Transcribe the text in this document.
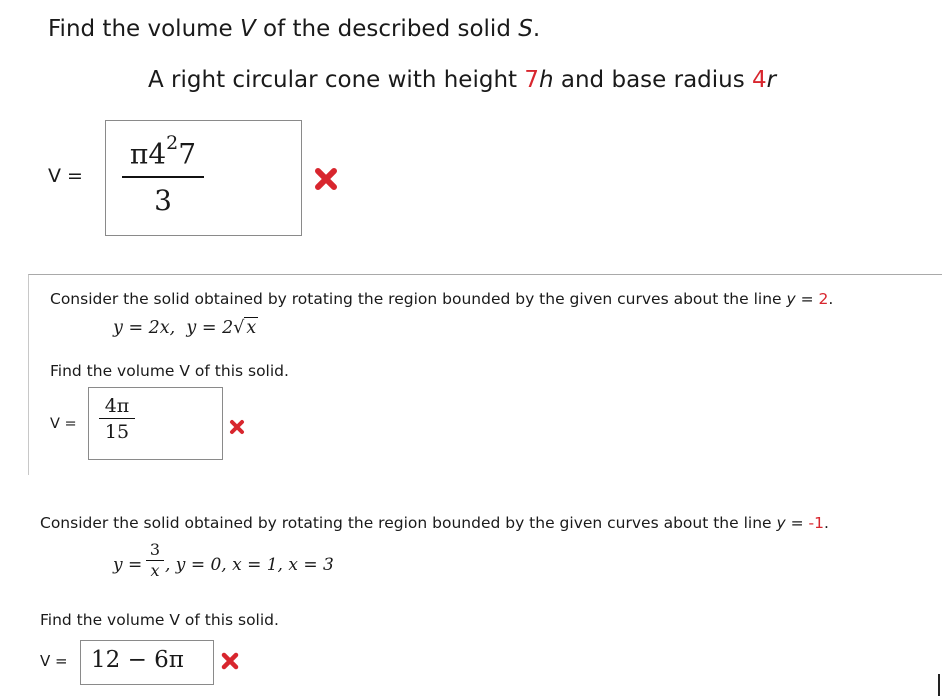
Find the volume V of the described solid S.
A right circular cone with height 7h and base radius 4r
V =
$\pi 4^27$
3
Consider the solid obtained by rotating the region bounded by the given curves about the line y = 2.
y = 2x, y = 2√ x
Find the volume V of this solid.
V =
4π
15
Consider the solid obtained by rotating the region bounded by the given curves about the line y = -1.
y =
3
x , y = 0, x = 1, x = 3
Find the volume V of this solid.
V = 12 − 6π
